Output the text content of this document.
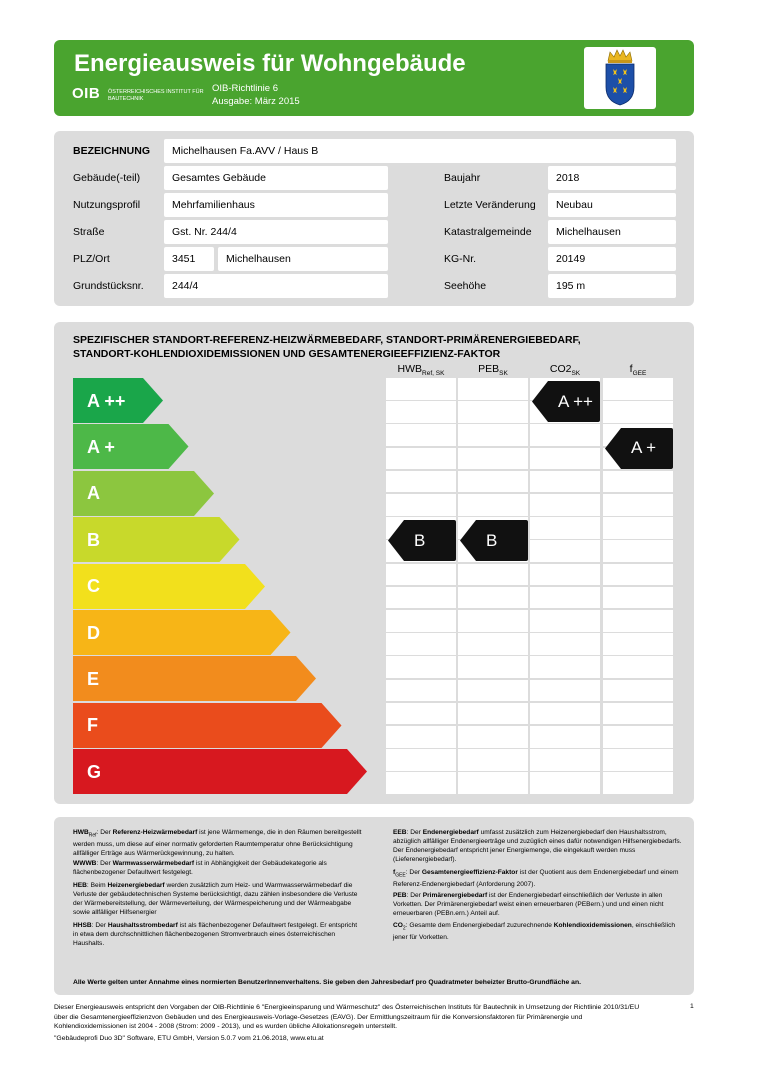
Energieausweis für Wohngebäude
OIB ÖSTERREICHISCHES INSTITUT FÜR BAUTECHNIK
OIB-Richtlinie 6
Ausgabe: März 2015
BEZEICHNUNG	Michelhausen Fa.AVV / Haus B
Gebäude(-teil)	Gesamtes Gebäude	Baujahr	2018
Nutzungsprofil	Mehrfamilienhaus	Letzte Veränderung	Neubau
Straße	Gst. Nr. 244/4	Katastralgemeinde	Michelhausen
PLZ/Ort	3451	Michelhausen	KG-Nr.	20149
Grundstücksnr.	244/4	Seehöhe	195 m
SPEZIFISCHER STANDORT-REFERENZ-HEIZWÄRMEBEDARF, STANDORT-PRIMÄRENERGIEBEDARF,
STANDORT-KOHLENDIOXIDEMISSIONEN UND GESAMTENERGIEEFFIZIENZ-FAKTOR
$HWB_{Ref, SK}$	$PEB_{SK}$	$CO2_{SK}$	$f_{GEE}$
A ++
A +
A
B
C
D
E
F
G
B	B
A ++
A +
$HWB_{Ref}$: Der Referenz-Heizwärmebedarf ist jene Wärmemenge, die in den Räumen bereitgestellt werden muss, um diese auf einer normativ geforderten Raumtemperatur ohne Berücksichtigung allfälliger Erträge aus Wärmerückgewinnung, zu halten.
WWWB: Der Warmwasserwärmebedarf ist in Abhängigkeit der Gebäudekategorie als flächenbezogener Defaultwert festgelegt.
HEB: Beim Heizenergiebedarf werden zusätzlich zum Heiz- und Warmwasserwärmebedarf die Verluste der gebäudetechnischen Systeme berücksichtigt, dazu zählen insbesondere die Verluste der Wärmebereitstellung, der Wärmeverteilung, der Wärmespeicherung und der Wärmeabgabe sowie allfälliger Hilfsenergier
HHSB: Der Haushaltsstrombedarf ist als flächenbezogener Defaultwert festgelegt. Er entspricht in etwa dem durchschnittlichen flächenbezogenen Stromverbrauch eines österreichischen Haushalts.
EEB: Der Endenergiebedarf umfasst zusätzlich zum Heizenergiebedarf den Haushaltsstrom, abzüglich allfälliger Endenergieerträge und zuzüglich eines dafür notwendigen Hilfsenergiebedarfs. Der Endenergiebedarf entspricht jener Energiemenge, die eingekauft werden muss (Lieferenergiebedarf).
$f_{GEE}$: Der Gesamtenergieeffizienz-Faktor ist der Quotient aus dem Endenergiebedarf und einem Referenz-Endenergiebedarf (Anforderung 2007).
PEB: Der Primärenergiebedarf ist der Endenergiebedarf einschließlich der Verluste in allen Vorketten. Der Primärenergiebedarf weist einen erneuerbaren (PEBern.) und und einen nicht erneuerbaren (PEBn.ern.) Anteil auf.
$CO_2$: Gesamte dem Endenergiebedarf zuzurechnende Kohlendioxidemissionen, einschließlich jener für Vorketten.
Alle Werte gelten unter Annahme eines normierten BenutzerInnenverhaltens. Sie geben den Jahresbedarf pro Quadratmeter beheizter Brutto-Grundfläche an.
Dieser Energieausweis entspricht den Vorgaben der OIB-Richtlinie 6 "Energieeinsparung und Wärmeschutz" des Österreichischen Instituts für Bautechnik in Umsetzung der Richtlinie 2010/31/EU über die Gesamtenergieeffizienzvon Gebäuden und des Energieausweis-Vorlage-Gesetzes (EAVG). Der Ermittlungszeitraum für die Konversionsfaktoren für Primärenergie und Kohlendioxidemissionen ist 2004 - 2008 (Strom: 2009 - 2013), und es wurden übliche Allokationsregeln unterstellt.
"Gebäudeprofi Duo 3D" Software, ETU GmbH, Version 5.0.7 vom 21.06.2018, www.etu.at
1
